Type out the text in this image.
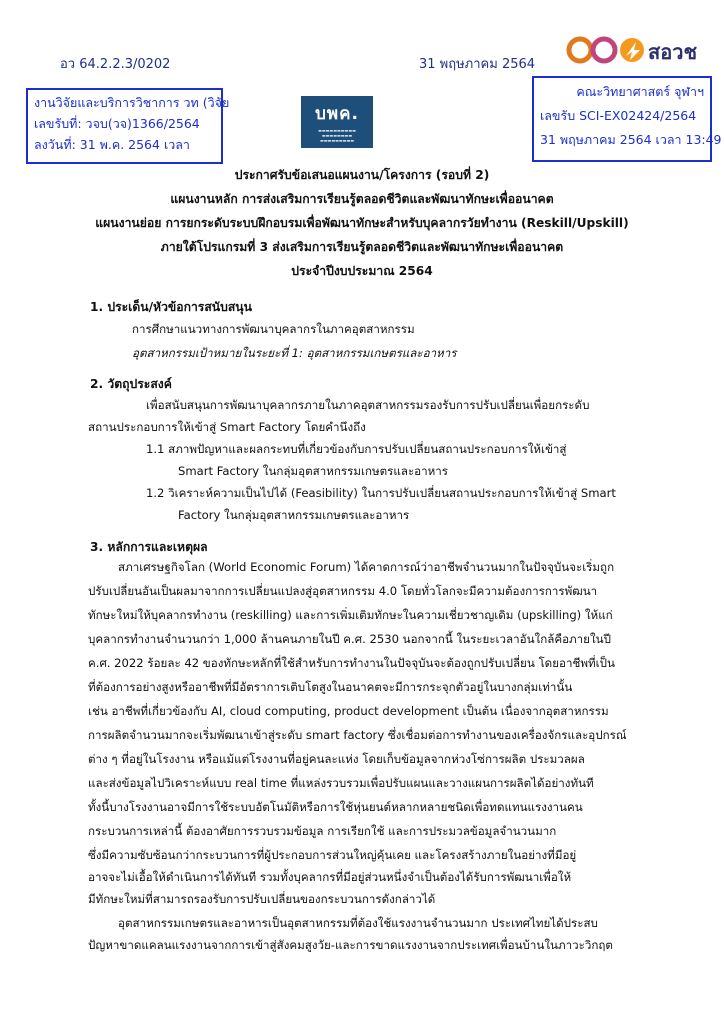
อว 64.2.2.3/0202	31 พฤษภาคม 2564
สอวช
งานวิจัยและบริการวิชาการ วท (วิจัย
เลขรับที่: วจบ(วจ)1366/2564
ลงวันที่: 31 พ.ค. 2564 เวลา
บพค.
▬▬▬▬▬▬▬▬▬▬
▬▬▬▬▬▬▬▬
▬▬▬▬▬▬▬▬▬
คณะวิทยาศาสตร์ จุฬาฯ
เลขรับ SCI-EX02424/2564
31 พฤษภาคม 2564 เวลา 13:49
ประกาศรับข้อเสนอแผนงาน/โครงการ (รอบที่ 2)
แผนงานหลัก การส่งเสริมการเรียนรู้ตลอดชีวิตและพัฒนาทักษะเพื่ออนาคต
แผนงานย่อย การยกระดับระบบฝึกอบรมเพื่อพัฒนาทักษะสำหรับบุคลากรวัยทำงาน (Reskill/Upskill)
ภายใต้โปรแกรมที่ 3 ส่งเสริมการเรียนรู้ตลอดชีวิตและพัฒนาทักษะเพื่ออนาคต
ประจำปีงบประมาณ 2564
1. ประเด็น/หัวข้อการสนับสนุน
การศึกษาแนวทางการพัฒนาบุคลากรในภาคอุตสาหกรรม
อุตสาหกรรมเป้าหมายในระยะที่ 1: อุตสาหกรรมเกษตรและอาหาร
2. วัตถุประสงค์
เพื่อสนับสนุนการพัฒนาบุคลากรภายในภาคอุตสาหกรรมรองรับการปรับเปลี่ยนเพื่อยกระดับ
สถานประกอบการให้เข้าสู่ Smart Factory โดยคำนึงถึง
1.1 สภาพปัญหาและผลกระทบที่เกี่ยวข้องกับการปรับเปลี่ยนสถานประกอบการให้เข้าสู่
Smart Factory ในกลุ่มอุตสาหกรรมเกษตรและอาหาร
1.2 วิเคราะห์ความเป็นไปได้ (Feasibility) ในการปรับเปลี่ยนสถานประกอบการให้เข้าสู่ Smart
Factory ในกลุ่มอุตสาหกรรมเกษตรและอาหาร
3. หลักการและเหตุผล
สภาเศรษฐกิจโลก (World Economic Forum) ได้คาดการณ์ว่าอาชีพจำนวนมากในปัจจุบันจะเริ่มถูก
ปรับเปลี่ยนอันเป็นผลมาจากการเปลี่ยนแปลงสู่อุตสาหกรรม 4.0 โดยทั่วโลกจะมีความต้องการการพัฒนา
ทักษะใหม่ให้บุคลากรทำงาน (reskilling) และการเพิ่มเติมทักษะในความเชี่ยวชาญเดิม (upskilling) ให้แก่
บุคลากรทำงานจำนวนกว่า 1,000 ล้านคนภายในปี ค.ศ. 2530 นอกจากนี้ ในระยะเวลาอันใกล้คือภายในปี
ค.ศ. 2022 ร้อยละ 42 ของทักษะหลักที่ใช้สำหรับการทำงานในปัจจุบันจะต้องถูกปรับเปลี่ยน โดยอาชีพที่เป็น
ที่ต้องการอย่างสูงหรืออาชีพที่มีอัตราการเติบโตสูงในอนาคตจะมีการกระจุกตัวอยู่ในบางกลุ่มเท่านั้น
เช่น อาชีพที่เกี่ยวข้องกับ AI, cloud computing, product development เป็นต้น เนื่องจากอุตสาหกรรม
การผลิตจำนวนมากจะเริ่มพัฒนาเข้าสู่ระดับ smart factory ซึ่งเชื่อมต่อการทำงานของเครื่องจักรและอุปกรณ์
ต่าง ๆ ที่อยู่ในโรงงาน หรือแม้แต่โรงงานที่อยู่คนละแห่ง โดยเก็บข้อมูลจากห่วงโซ่การผลิต ประมวลผล
และส่งข้อมูลไปวิเคราะห์แบบ real time ที่แหล่งรวบรวมเพื่อปรับแผนและวางแผนการผลิตได้อย่างทันที
ทั้งนี้บางโรงงานอาจมีการใช้ระบบอัตโนมัติหรือการใช้หุ่นยนต์หลากหลายชนิดเพื่อทดแทนแรงงานคน
กระบวนการเหล่านี้ ต้องอาศัยการรวบรวมข้อมูล การเรียกใช้ และการประมวลข้อมูลจำนวนมาก
ซึ่งมีความซับซ้อนกว่ากระบวนการที่ผู้ประกอบการส่วนใหญ่คุ้นเคย และโครงสร้างภายในอย่างที่มีอยู่
อาจจะไม่เอื้อให้ดำเนินการได้ทันที รวมทั้งบุคลากรที่มีอยู่ส่วนหนึ่งจำเป็นต้องได้รับการพัฒนาเพื่อให้
มีทักษะใหม่ที่สามารถรองรับการปรับเปลี่ยนของกระบวนการดังกล่าวได้
อุตสาหกรรมเกษตรและอาหารเป็นอุตสาหกรรมที่ต้องใช้แรงงานจำนวนมาก ประเทศไทยได้ประสบ
ปัญหาขาดแคลนแรงงานจากการเข้าสู่สังคมสูงวัย-และการขาดแรงงานจากประเทศเพื่อนบ้านในภาวะวิกฤต
